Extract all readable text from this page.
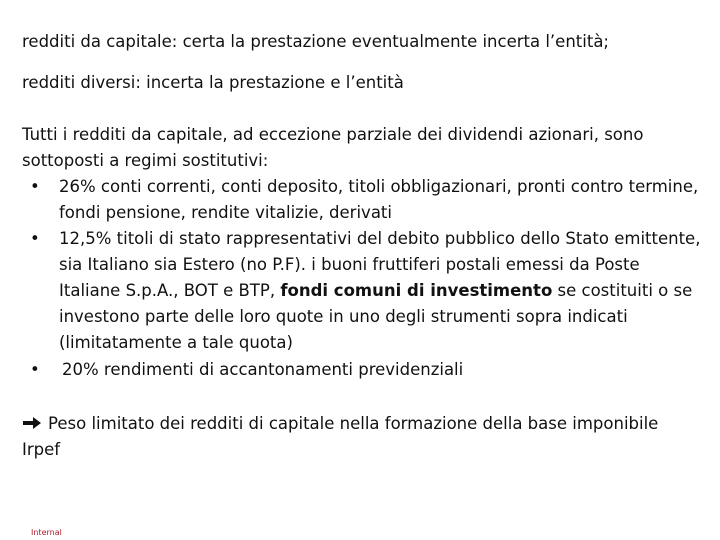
redditi da capitale: certa la prestazione eventualmente incerta l’entità;

redditi diversi: incerta la prestazione e l’entità

Tutti i redditi da capitale, ad eccezione parziale dei dividendi azionari, sono
sottoposti a regimi sostitutivi:
• 26% conti correnti, conti deposito, titoli obbligazionari, pronti contro termine, fondi pensione, rendite vitalizie, derivati
• 12,5% titoli di stato rappresentativi del debito pubblico dello Stato emittente, sia Italiano sia Estero (no P.F). i buoni fruttiferi postali emessi da Poste Italiane S.p.A., BOT e BTP, fondi comuni di investimento se costituiti o se investono parte delle loro quote in uno degli strumenti sopra indicati (limitatamente a tale quota)
• 20% rendimenti di accantonamenti previdenziali
Peso limitato dei redditi di capitale nella formazione della base imponibile Irpef
Internal
